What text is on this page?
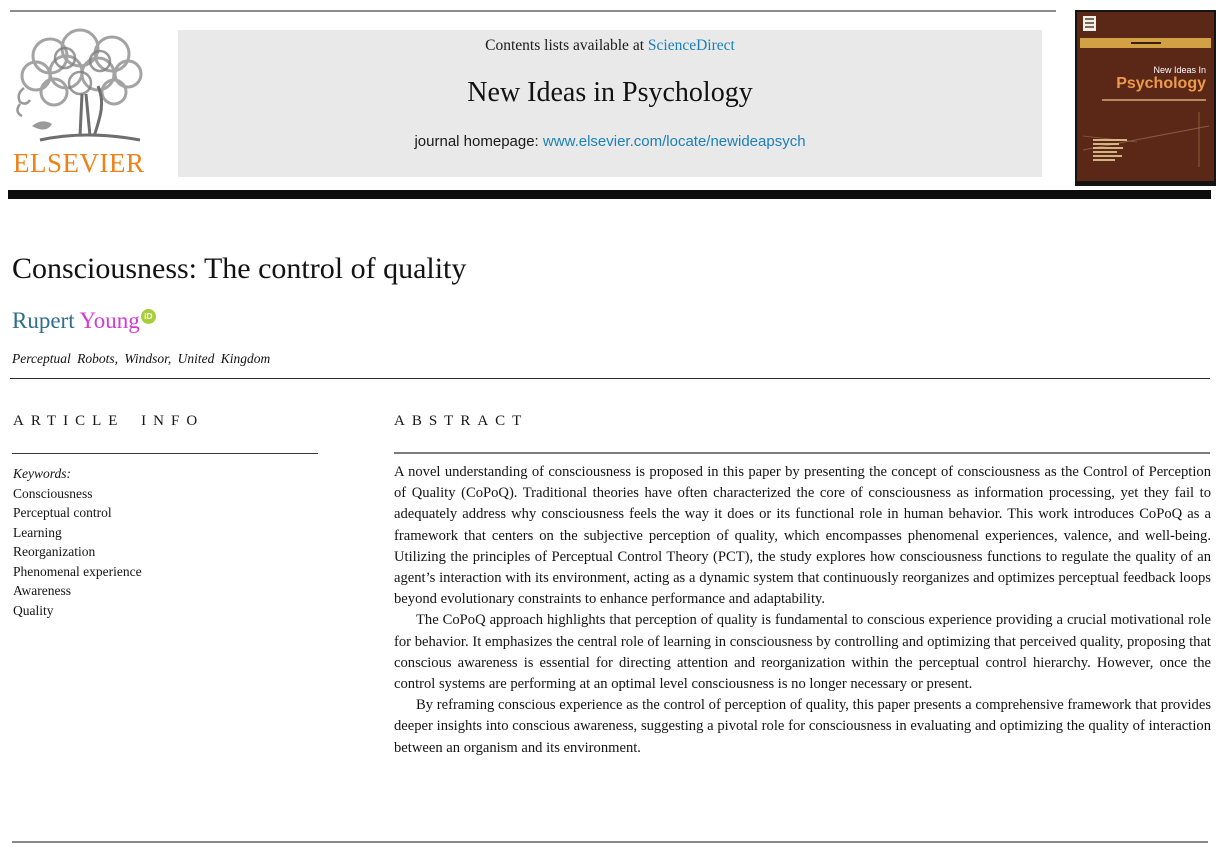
ELSEVIER
Contents lists available at ScienceDirect
New Ideas in Psychology
journal homepage: www.elsevier.com/locate/newideapsych
New Ideas In
Psychology
Consciousness: The control of quality
Rupert Young iD
Perceptual Robots, Windsor, United Kingdom
ARTICLE INFO
Keywords:
Consciousness
Perceptual control
Learning
Reorganization
Phenomenal experience
Awareness
Quality
ABSTRACT

A novel understanding of consciousness is proposed in this paper by presenting the concept of consciousness as the Control of Perception of Quality (CoPoQ). Traditional theories have often characterized the core of consciousness as information processing, yet they fail to adequately address why consciousness feels the way it does or its functional role in human behavior. This work introduces CoPoQ as a framework that centers on the subjective perception of quality, which encompasses phenomenal experiences, valence, and well-being. Utilizing the principles of Perceptual Control Theory (PCT), the study explores how consciousness functions to regulate the quality of an agent’s interaction with its environment, acting as a dynamic system that continuously reorganizes and optimizes perceptual feedback loops beyond evolutionary constraints to enhance performance and adaptability.

The CoPoQ approach highlights that perception of quality is fundamental to conscious experience providing a crucial motivational role for behavior. It emphasizes the central role of learning in consciousness by controlling and optimizing that perceived quality, proposing that conscious awareness is essential for directing attention and reorganization within the perceptual control hierarchy. However, once the control systems are performing at an optimal level consciousness is no longer necessary or present.

By reframing conscious experience as the control of perception of quality, this paper presents a comprehensive framework that provides deeper insights into conscious awareness, suggesting a pivotal role for consciousness in evaluating and optimizing the quality of interaction between an organism and its environment.
